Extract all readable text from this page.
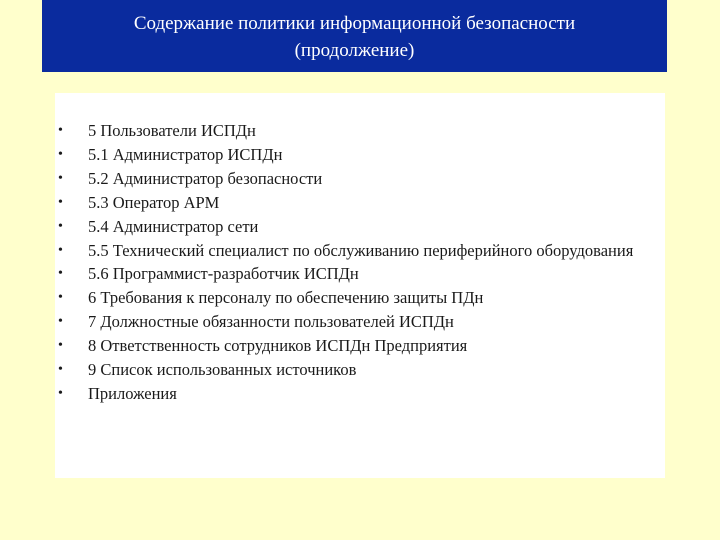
Содержание политики информационной безопасности
(продолжение)
• 5 Пользователи ИСПДн
• 5.1 Администратор ИСПДн
• 5.2 Администратор безопасности
• 5.3 Оператор АРМ
• 5.4 Администратор сети
• 5.5 Технический специалист по обслуживанию периферийного оборудования
• 5.6 Программист-разработчик ИСПДн
• 6 Требования к персоналу по обеспечению защиты ПДн
• 7 Должностные обязанности пользователей ИСПДн
• 8 Ответственность сотрудников ИСПДн Предприятия
• 9 Список использованных источников
• Приложения
